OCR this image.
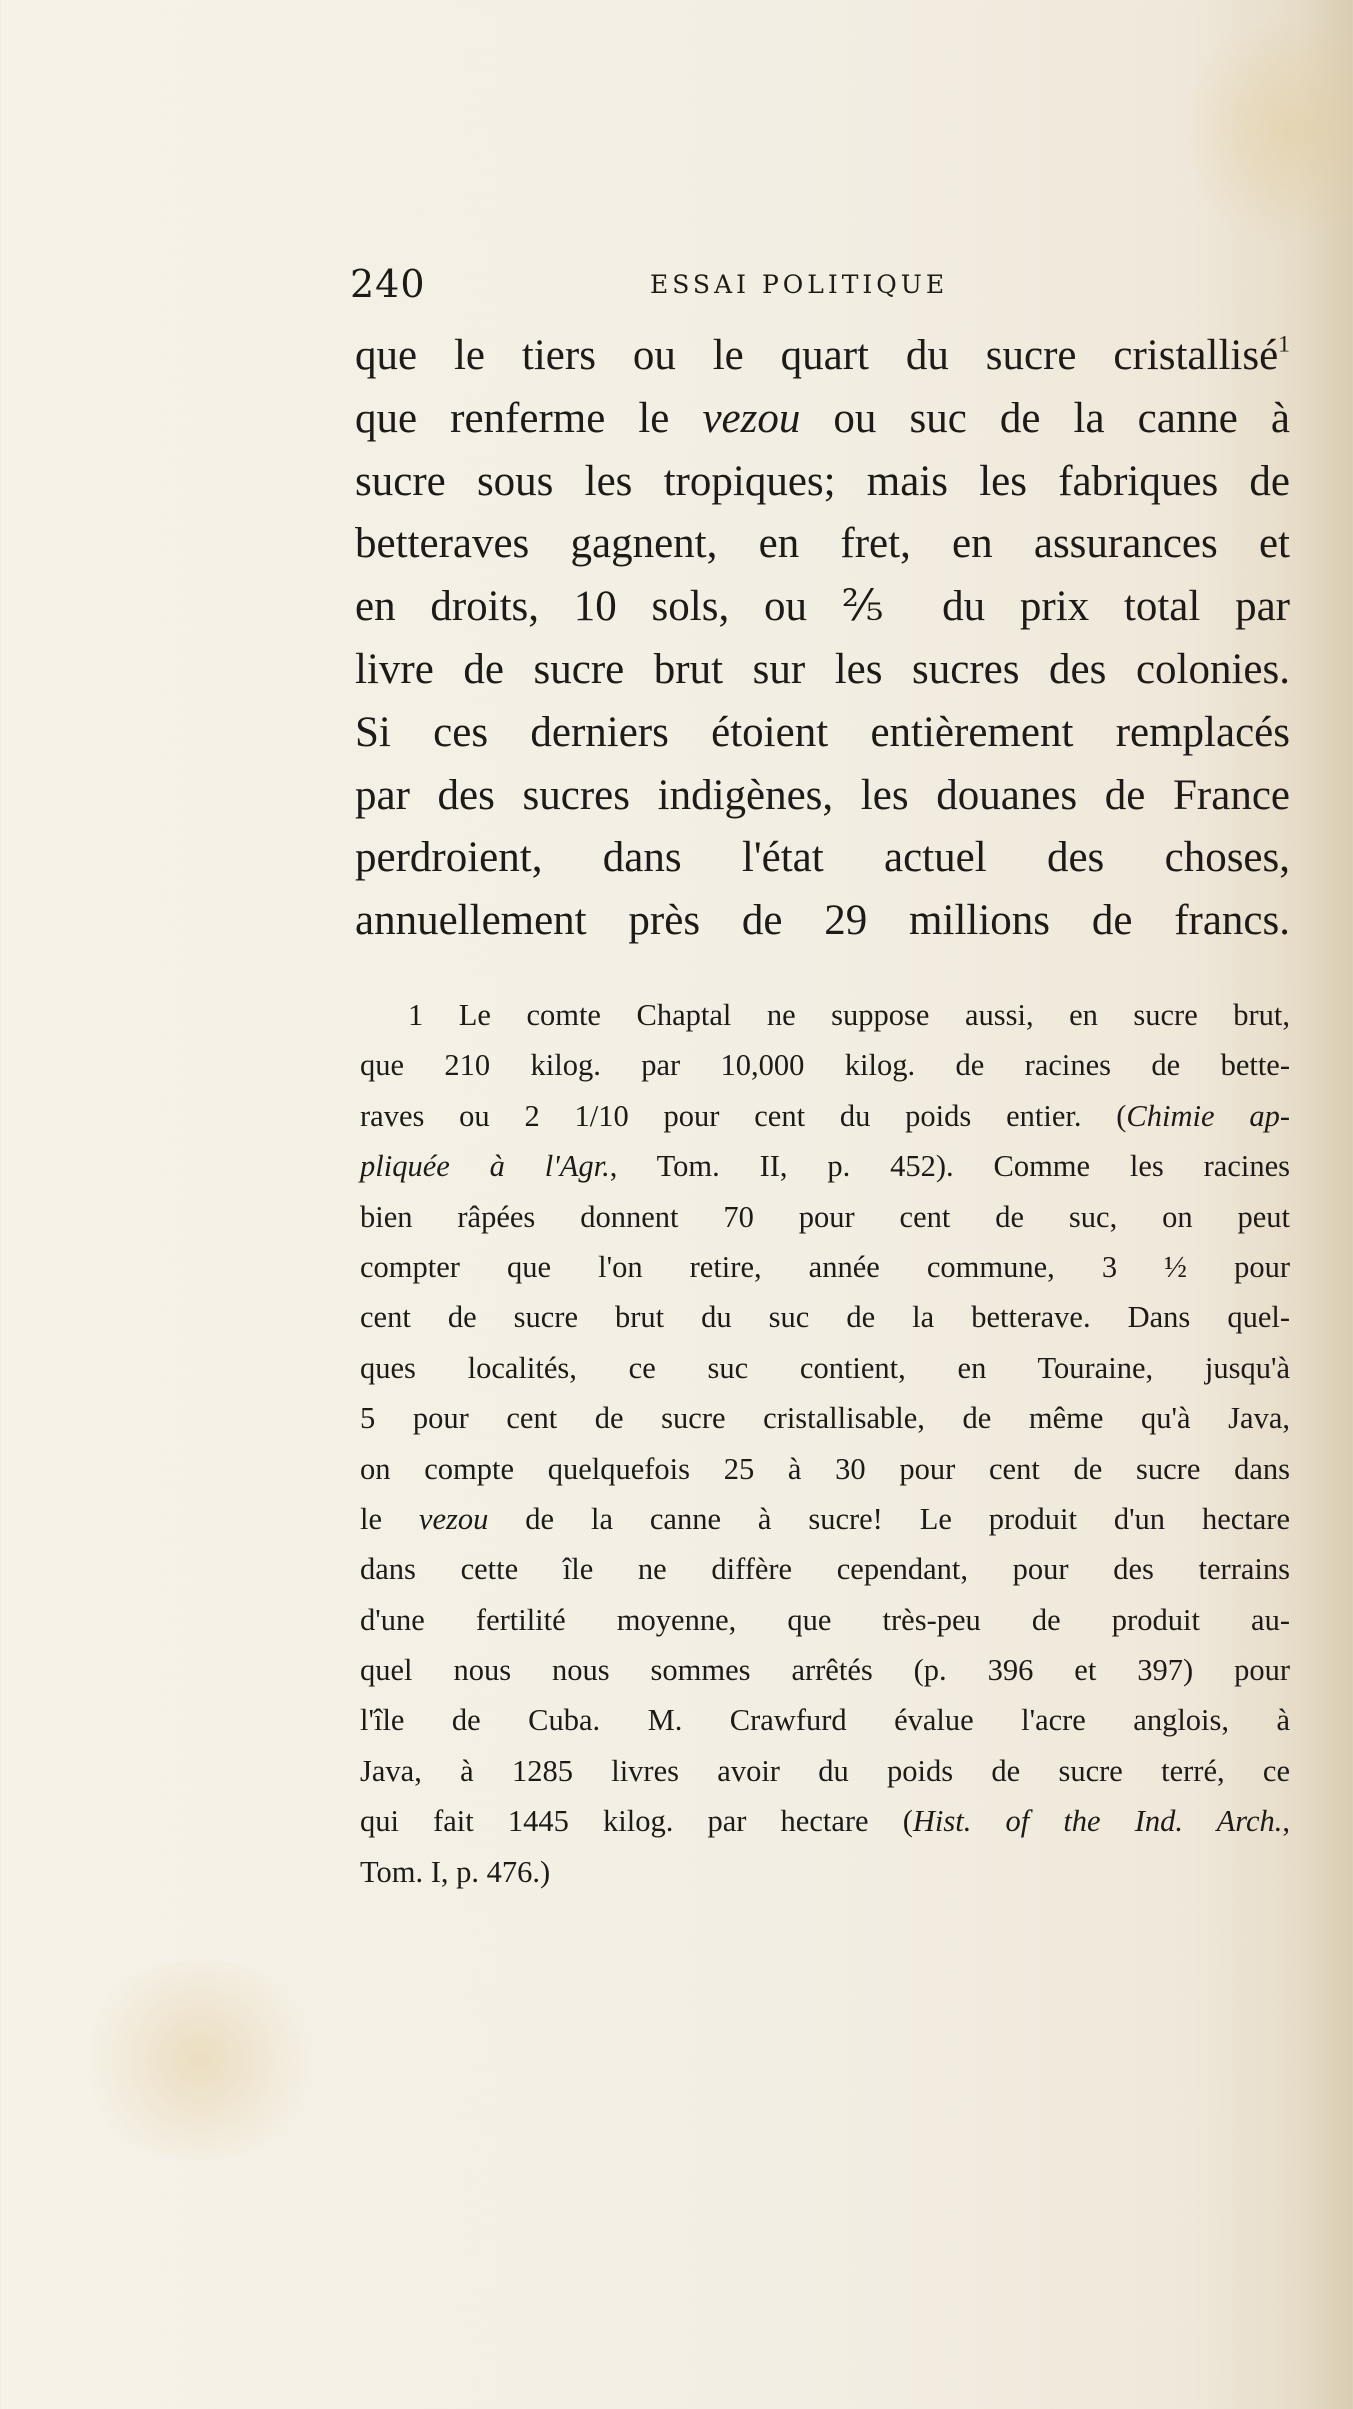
240	ESSAI POLITIQUE
que le tiers ou le quart du sucre cristallisé$^1$
que renferme le vezou ou suc de la canne à
sucre sous les tropiques; mais les fabriques de
betteraves gagnent, en fret, en assurances et
en droits, 10 sols, ou ⅖ du prix total par
livre de sucre brut sur les sucres des colonies.
Si ces derniers étoient entièrement remplacés
par des sucres indigènes, les douanes de France
perdroient, dans l'état actuel des choses,
annuellement près de 29 millions de francs.
1 Le comte Chaptal ne suppose aussi, en sucre brut,
que 210 kilog. par 10,000 kilog. de racines de bette-
raves ou 2 1/10 pour cent du poids entier. (Chimie ap-
pliquée à l'Agr., Tom. II, p. 452). Comme les racines
bien râpées donnent 70 pour cent de suc, on peut
compter que l'on retire, année commune, 3 ½ pour
cent de sucre brut du suc de la betterave. Dans quel-
ques localités, ce suc contient, en Touraine, jusqu'à
5 pour cent de sucre cristallisable, de même qu'à Java,
on compte quelquefois 25 à 30 pour cent de sucre dans
le vezou de la canne à sucre! Le produit d'un hectare
dans cette île ne diffère cependant, pour des terrains
d'une fertilité moyenne, que très-peu de produit au-
quel nous nous sommes arrêtés (p. 396 et 397) pour
l'île de Cuba. M. Crawfurd évalue l'acre anglois, à
Java, à 1285 livres avoir du poids de sucre terré, ce
qui fait 1445 kilog. par hectare (Hist. of the Ind. Arch.,
Tom. I, p. 476.)
